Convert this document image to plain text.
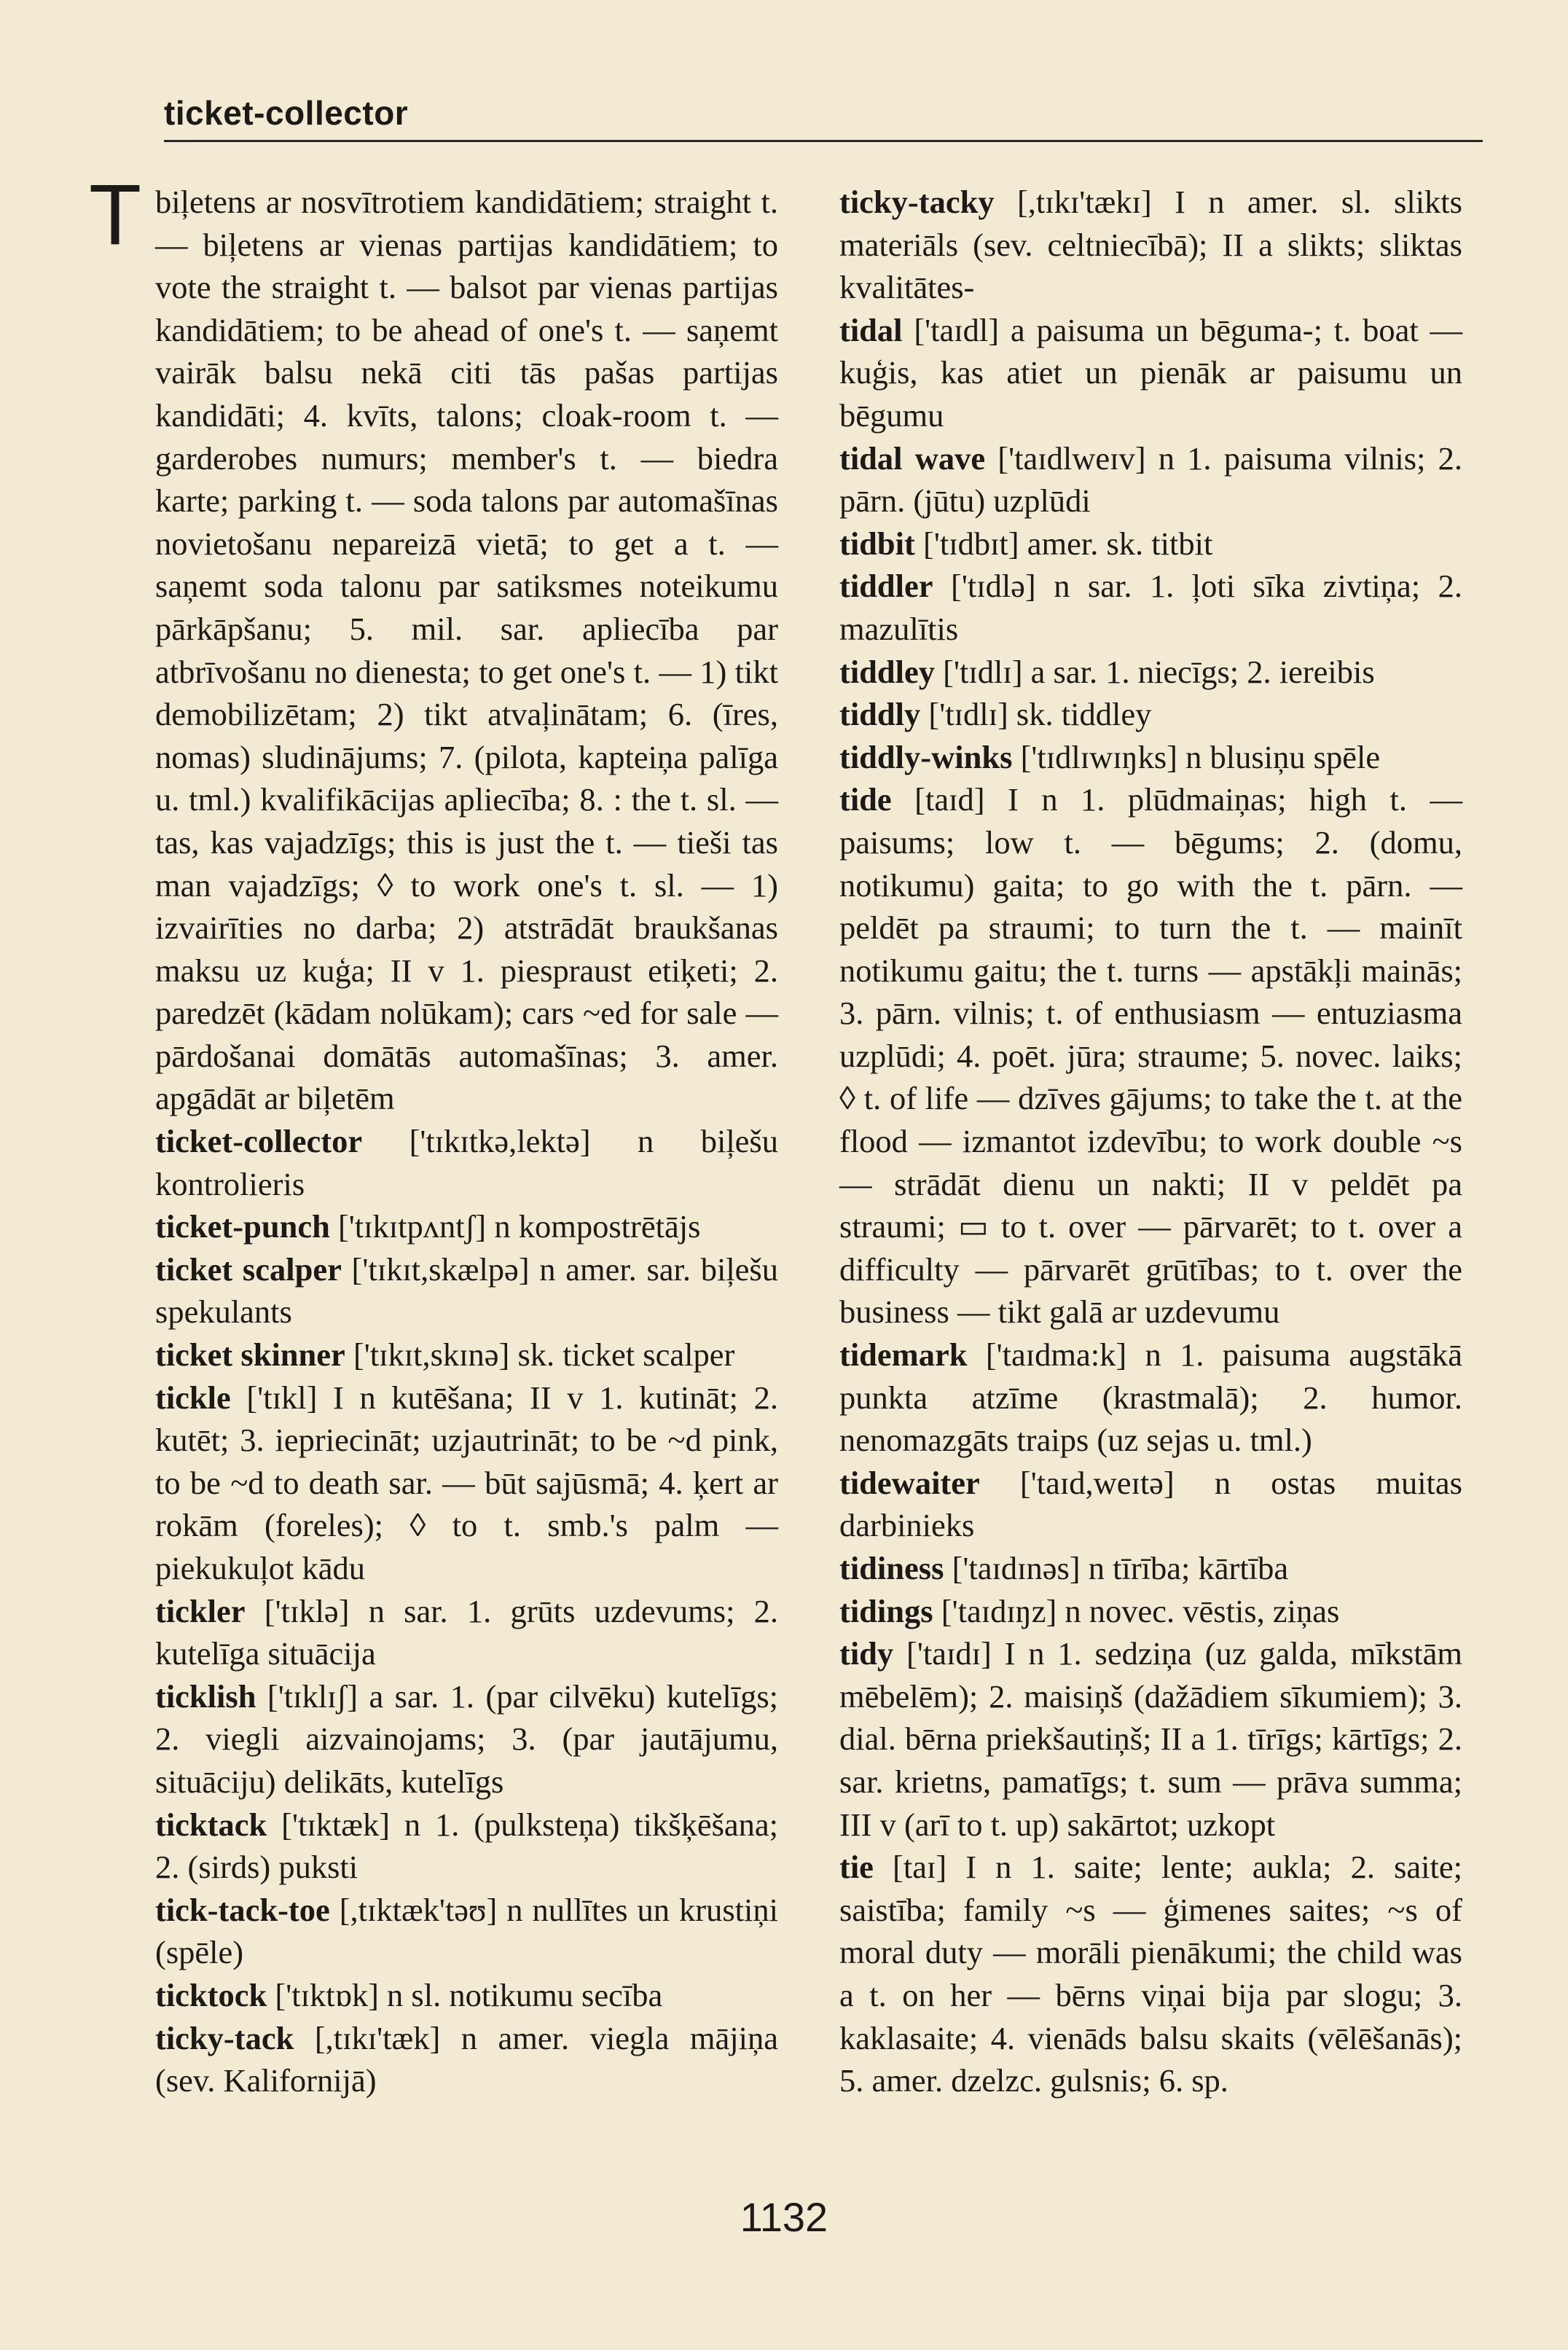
ticket-collector
T biļetens ar nosvītrotiem kandidātiem; straight t. — biļetens ar vienas partijas kandidātiem; to vote the straight t. — balsot par vienas partijas kandidātiem; to be ahead of one's t. — saņemt vairāk balsu nekā citi tās pašas partijas kandidāti; 4. kvīts, talons; cloak-room t. — garderobes numurs; member's t. — biedra karte; parking t. — soda talons par automašīnas novietošanu nepareizā vietā; to get a t. — saņemt soda talonu par satiksmes noteikumu pārkāpšanu; 5. mil. sar. apliecība par atbrīvošanu no dienesta; to get one's t. — 1) tikt demobilizētam; 2) tikt atvaļinātam; 6. (īres, nomas) sludinājums; 7. (pilota, kapteiņa palīga u. tml.) kvalifikācijas apliecība; 8. : the t. sl. — tas, kas vajadzīgs; this is just the t. — tieši tas man vajadzīgs; ◊ to work one's t. sl. — 1) izvairīties no darba; 2) atstrādāt braukšanas maksu uz kuģa; II v 1. piespraust etiķeti; 2. paredzēt (kādam nolūkam); cars ~ed for sale — pārdošanai domātās automašīnas; 3. amer. apgādāt ar biļetēm

ticket-collector ['tɪkɪtkə,lektə] n biļešu kontrolieris

ticket-punch ['tɪkɪtpʌntʃ] n kompostrētājs

ticket scalper ['tɪkɪt,skælpə] n amer. sar. biļešu spekulants

ticket skinner ['tɪkɪt,skɪnə] sk. ticket scalper

tickle ['tɪkl] I n kutēšana; II v 1. kutināt; 2. kutēt; 3. iepriecināt; uzjautrināt; to be ~d pink, to be ~d to death sar. — būt sajūsmā; 4. ķert ar rokām (foreles); ◊ to t. smb.'s palm — piekukuļot kādu

tickler ['tɪklə] n sar. 1. grūts uzdevums; 2. kutelīga situācija

ticklish ['tɪklɪʃ] a sar. 1. (par cilvēku) kutelīgs; 2. viegli aizvainojams; 3. (par jautājumu, situāciju) delikāts, kutelīgs

ticktack ['tɪktæk] n 1. (pulksteņa) tikšķēšana; 2. (sirds) puksti

tick-tack-toe [,tɪktæk'təʊ] n nullītes un krustiņi (spēle)

ticktock ['tɪktɒk] n sl. notikumu secība

ticky-tack [,tɪkɪ'tæk] n amer. viegla mājiņa (sev. Kalifornijā)

ticky-tacky [,tɪkɪ'tækɪ] I n amer. sl. slikts materiāls (sev. celtniecībā); II a slikts; sliktas kvalitātes-

tidal ['taɪdl] a paisuma un bēguma-; t. boat — kuģis, kas atiet un pienāk ar paisumu un bēgumu

tidal wave ['taɪdlweɪv] n 1. paisuma vilnis; 2. pārn. (jūtu) uzplūdi

tidbit ['tɪdbɪt] amer. sk. titbit

tiddler ['tɪdlə] n sar. 1. ļoti sīka zivtiņa; 2. mazulītis

tiddley ['tɪdlɪ] a sar. 1. niecīgs; 2. iereibis

tiddly ['tɪdlɪ] sk. tiddley

tiddly-winks ['tɪdlɪwɪŋks] n blusiņu spēle

tide [taɪd] I n 1. plūdmaiņas; high t. — paisums; low t. — bēgums; 2. (domu, notikumu) gaita; to go with the t. pārn. — peldēt pa straumi; to turn the t. — mainīt notikumu gaitu; the t. turns — apstākļi mainās; 3. pārn. vilnis; t. of enthusiasm — entuziasma uzplūdi; 4. poēt. jūra; straume; 5. novec. laiks; ◊ t. of life — dzīves gājums; to take the t. at the flood — izmantot izdevību; to work double ~s — strādāt dienu un nakti; II v peldēt pa straumi; ▭ to t. over — pārvarēt; to t. over a difficulty — pārvarēt grūtības; to t. over the business — tikt galā ar uzdevumu

tidemark ['taɪdma:k] n 1. paisuma augstākā punkta atzīme (krastmalā); 2. humor. nenomazgāts traips (uz sejas u. tml.)

tidewaiter ['taɪd,weɪtə] n ostas muitas darbinieks

tidiness ['taɪdɪnəs] n tīrība; kārtība

tidings ['taɪdɪŋz] n novec. vēstis, ziņas

tidy ['taɪdɪ] I n 1. sedziņa (uz galda, mīkstām mēbelēm); 2. maisiņš (dažādiem sīkumiem); 3. dial. bērna priekšautiņš; II a 1. tīrīgs; kārtīgs; 2. sar. krietns, pamatīgs; t. sum — prāva summa; III v (arī to t. up) sakārtot; uzkopt

tie [taɪ] I n 1. saite; lente; aukla; 2. saite; saistība; family ~s — ģimenes saites; ~s of moral duty — morāli pienākumi; the child was a t. on her — bērns viņai bija par slogu; 3. kaklasaite; 4. vienāds balsu skaits (vēlēšanās); 5. amer. dzelzc. gulsnis; 6. sp.

1132
